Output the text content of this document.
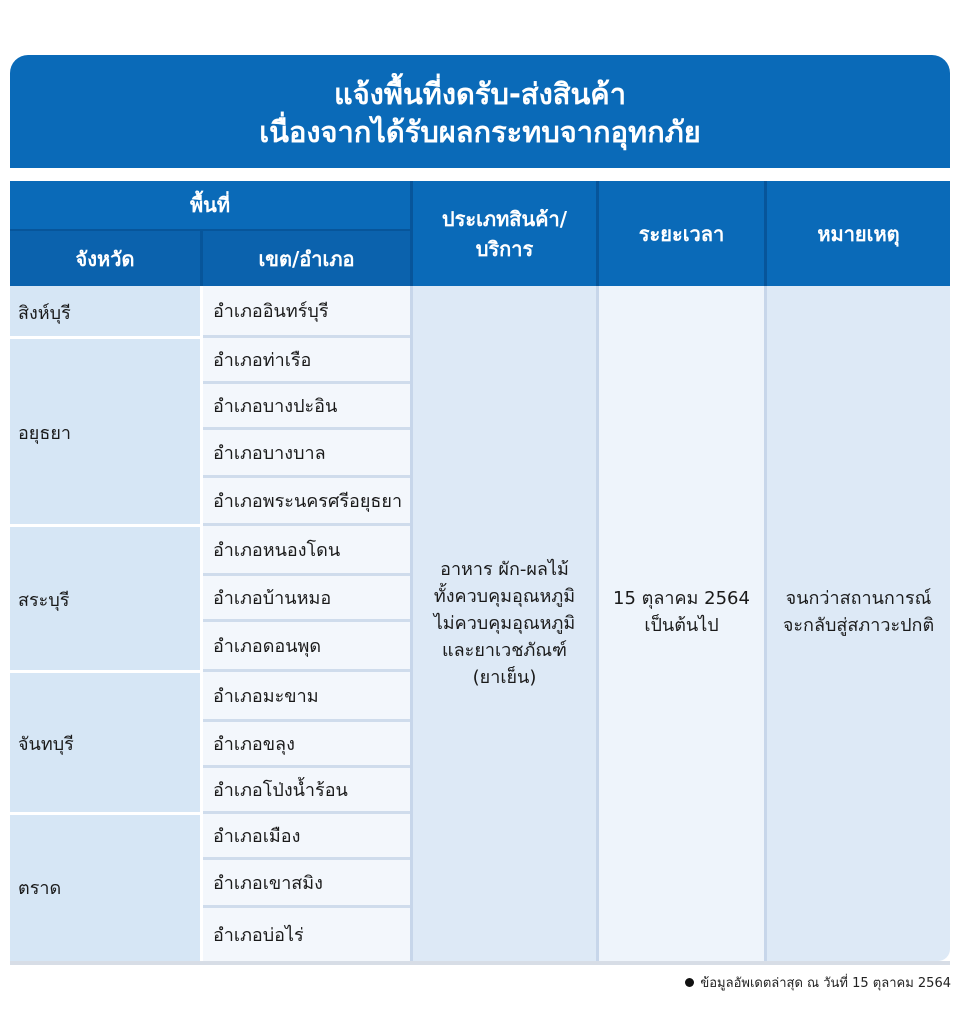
แจ้งพื้นที่งดรับ-ส่งสินค้า
เนื่องจากได้รับผลกระทบจากอุทกภัย
พื้นที่
จังหวัด	เขต/อำเภอ
ประเภทสินค้า/
บริการ
ระยะเวลา	หมายเหตุ
สิงห์บุรี
อยุธยา
สระบุรี
จันทบุรี
ตราด
อำเภออินทร์บุรี
อำเภอท่าเรือ
อำเภอบางปะอิน
อำเภอบางบาล
อำเภอพระนครศรีอยุธยา
อำเภอหนองโดน
อำเภอบ้านหมอ
อำเภอดอนพุด
อำเภอมะขาม
อำเภอขลุง
อำเภอโป่งน้ำร้อน
อำเภอเมือง
อำเภอเขาสมิง
อำเภอบ่อไร่
อาหาร ผัก-ผลไม้
ทั้งควบคุมอุณหภูมิ
ไม่ควบคุมอุณหภูมิ
และยาเวชภัณฑ์
(ยาเย็น)
15 ตุลาคม 2564
เป็นต้นไป
จนกว่าสถานการณ์
จะกลับสู่สภาวะปกติ
ข้อมูลอัพเดตล่าสุด ณ วันที่ 15 ตุลาคม 2564
